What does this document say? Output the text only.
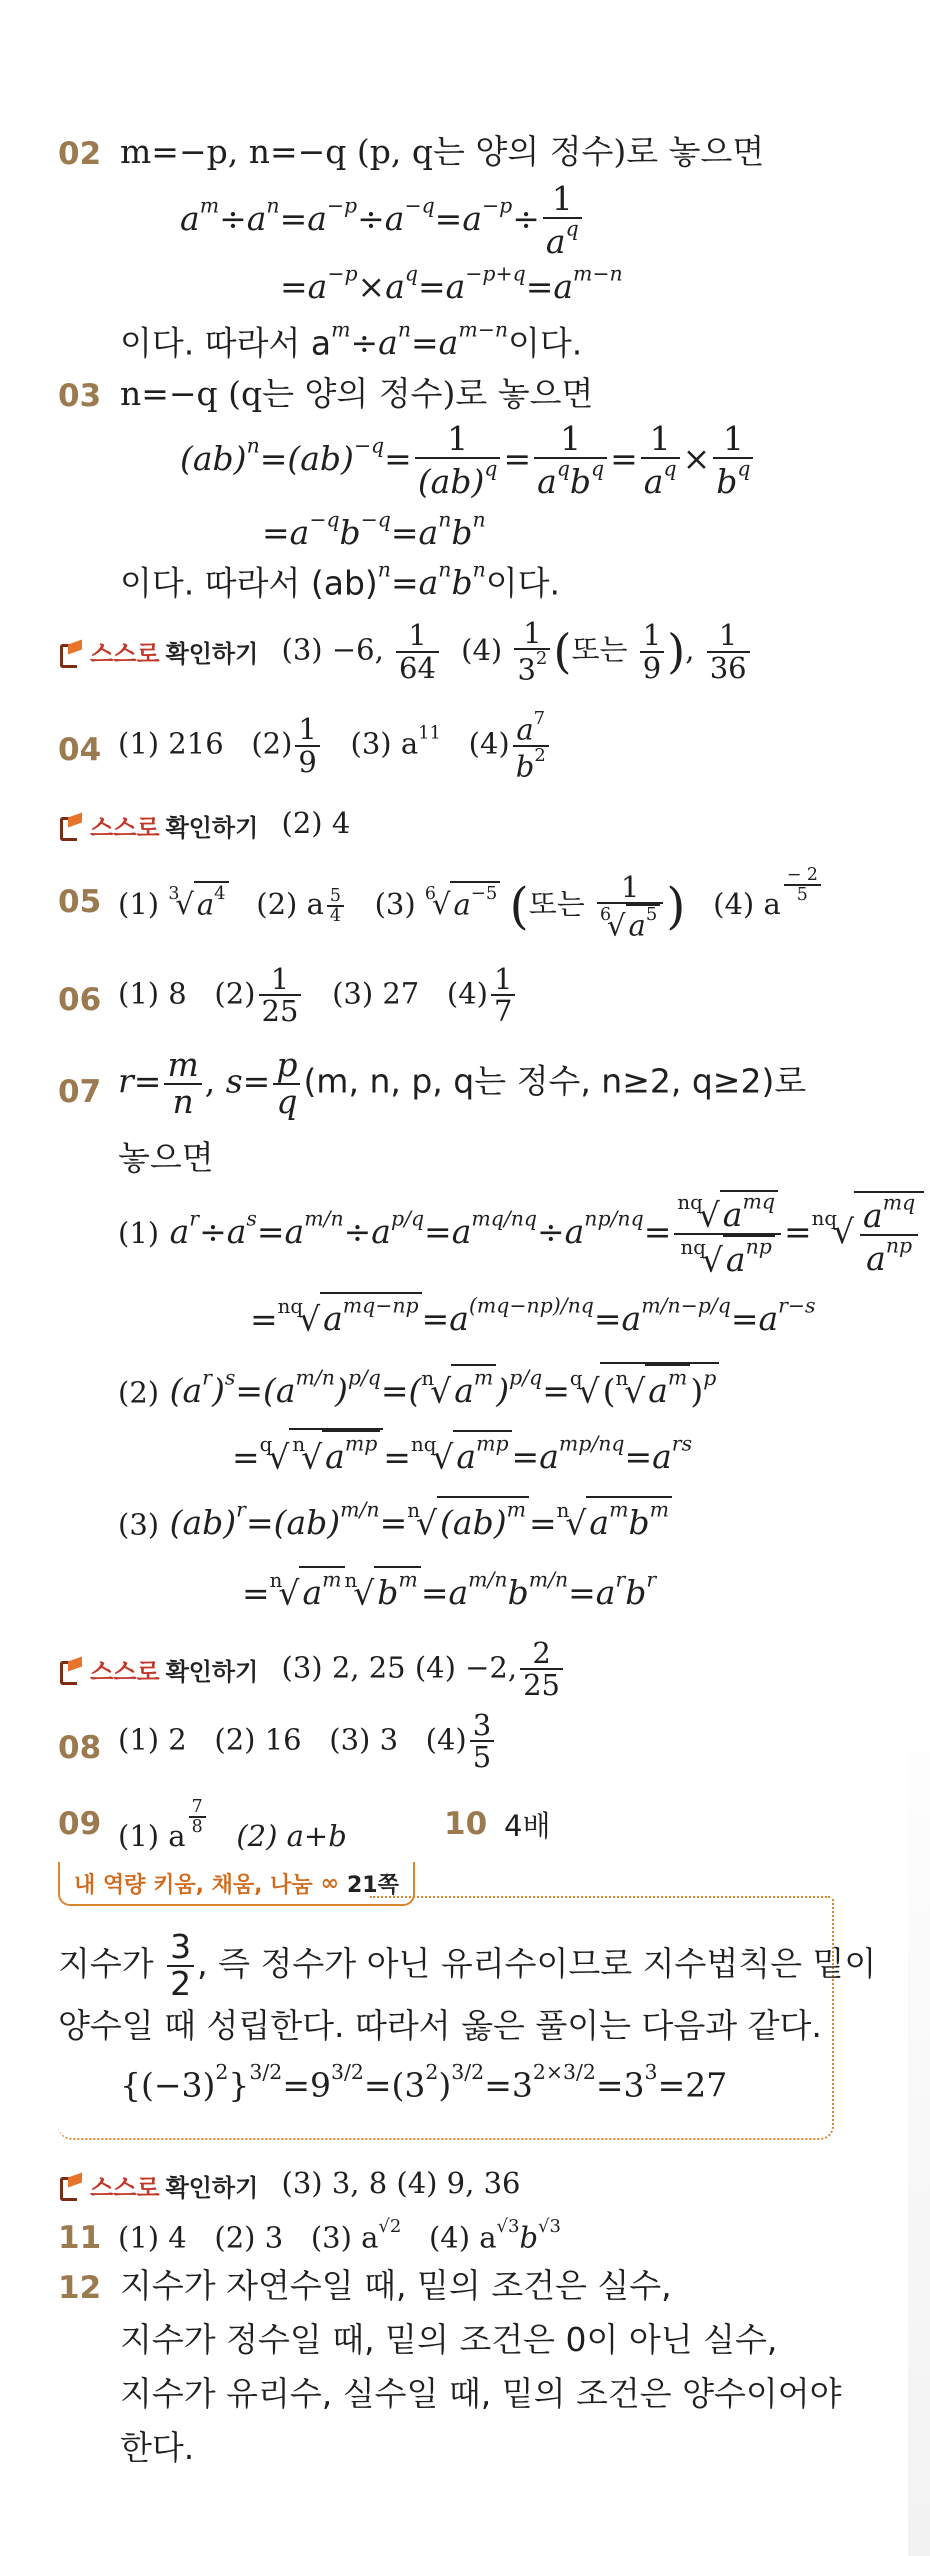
02 m=−p, n=−q (p, q는 양의 정수)로 놓으면
$a^m\div a^n=a^{-p}\div a^{-q}=a^{-p}\div \frac{1}{a^q}$
$=a^{-p}\times a^q=a^{-p+q}=a^{m-n}$
이다. 따라서 $a^m\div a^n=a^{m-n}$이다.
03 n=−q (q는 양의 정수)로 놓으면
$(ab)^n=(ab)^{-q}= \frac{1}{(ab)^q} = \frac{1}{a^qb^q} = \frac{1}{a^q} \times \frac{1}{b^q}$
$=a^{-q}b^{-q}=a^nb^n$
이다. 따라서 $(ab)^n=a^nb^n$이다.
스스로 확인하기 (3) −6, $\frac{1}{64} (4) \frac{1}{3^2}$ (또는 $\frac{1}{9}$ ), $\frac{1}{36}$
04 (1) 216 $(2) \frac{1}{9} (3)$ $a^{11}$ $(4) \frac{a^7}{b^2}$
스스로 확인하기 (2) 4
05 (1) $^3$√ $a^4$ (2) a $\frac{5}{4} (3)$ $^6$√ $a^{-5}$ (또는 $\frac{1}{^6√ a^5}$ ) (4) a $\frac{- 2}{5}$
06 (1) 8 $(2) \frac{1}{25} (3)$ 27 $(4) \frac{1}{7}$
07 $r= \frac{m}{n}$ , $s= \frac{p}{q} (m$, n, p, q는 정수, n≥2, q≥2)로
놓으면
(1) $a^r\div a^s=a^{m/n}\div a^{p/q}=a^{mq/nq}\div a^{np/nq}= \frac{^{nq}√a^{mq}}{^{nq}√a^{np}} =^{nq}√ \frac{a^{mq}}{a^{np}}$
$=^{nq}√a^{mq-np}=a^{(mq-np)/nq}=a^{m/n-p/q}=a^{r-s}$
(2) $(a^r)^s=(a^{m/n})^{p/q}=(^n√a^m)^{p/q}=^q√(^n√a^m)^p$
=$^q$√ $^n√a^{mp} =^{nq}√a^{mp}=a^{mp/nq}=a^{rs}$
(3) $(ab)^r=(ab)^{m/n}=^n√(ab)^m=^n√a^mb^m$
$=^n√a^m$ $^n√b^m=a^{m/n}b^{m/n}=a^rb^r$
스스로 확인하기 (3) 2, 25 (4) −2, $\frac{2}{25}$
08 (1) 2 (2) 16 (3) 3 $(4) \frac{3}{5}$
09 (1) a $\frac{7}{8} (2)$ a+b	10 4배
내 역량 키움, 채움, 나눔 ∞ 21쪽
지수가 $\frac{3}{2}$ , 즉 정수가 아닌 유리수이므로 지수법칙은 밑이
양수일 때 성립한다. 따라서 옳은 풀이는 다음과 같다.
$\{(-3)^2\}^{3/2}=9^{3/2}=(3^2)^{3/2}=3^{2\times 3/2}=3^3=27$
스스로 확인하기 (3) 3, 8 (4) 9, 36
11 (1) 4 (2) 3 (3) $a^{√2}$ (4) $a^{√3}b^{√3}$
12 지수가 자연수일 때, 밑의 조건은 실수,
지수가 정수일 때, 밑의 조건은 0이 아닌 실수,
지수가 유리수, 실수일 때, 밑의 조건은 양수이어야
한다.
